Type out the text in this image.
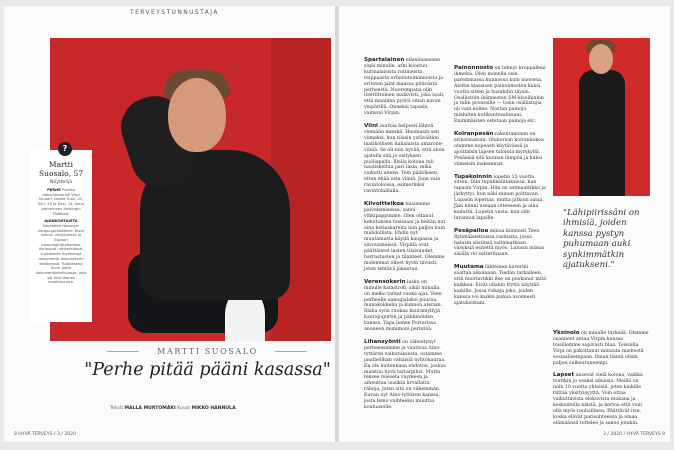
TERVEYSTUNNUSTAJA
Martti Suosalo, 57
Näyttelijä
PERHE Puoliso dokumentaristi Virpi Suutari, lapset Tuuli, 21, Siiri, 20 ja Kirsi, 14, Asuu perheineen Helsingin Töölössä.
AJANKOHTAISTA Näyttelee Helsingin kaupunginteatterin Rivid totuus -esityksessä ja Espoon kaupunginteatterissa Vorlaupid -näytelmässä. Luotaimies myöhempi dokumentti Aleksanterin teatterissa. Tuotoksena Alvar Aalto dokumenttielokuvasta, joka sai ensi-iltansa maaliskuussa.
?
MARTTI SUOSALO
"Perhe pitää pääni kasassa"
Teksti MALLA MURTOMÄKI Kuvat MIKKO HANNULA
8 HYVÄ TERVEYS / 3 / 2020	3 / 2020 / HYVÄ TERVEYS 9

Spartalainen elämänasenne sopii minulle. arki koostuu kurinalaisista rutiineista, reippaasta urheilutoiminnoista ja eritoten jalat maassa pitävästä perheestä. Nuorempana olin itseriittoinen mulkvisti, joka luuli, että maailma pyörii oman navan ympärillä. Onneksi tapasin vaimoni Virpin.

Viini saattaa helposti lähteä viemään mieskä. Huomasin sen viimeksi, kun tilasin ystävältäni laatikollisen italialaista amarone-viiniä. Se oli niin hyvää, että aloin ajatella sitä jo esityksen puoliapalla. Illalla kotona tuli nautiskeltua pari lasia, mikä vaikutti uneen. Tem päätöksen, etten enää osta viiniä. Juon vain ravintoloissa, esimerkiksi ravintolaillalla.

Kilvoittelkoa toisiemme palvelemisessa, sanoi vihkipappimme. Olen ottanut kehotuksen tosissani ja heitän nut aina kotiaskareita niin paljon kuin mahdollista. Ehdin nyt muutamasta käydä kaupassa ja siivousmeissä. Virpillä ovat päättäneet lasten tilaisuudet, harrastusten ja tilanteet. Olemme molemmat olleet hyvin tiiviisti, joten tehtävä jakautuu.

Verensokerin lasku on minulle katastrofi, sikäi minulla on melko tarkat ruoka-ajat. Teen perheelle aamupalaksi puuroa, munakokkelia ja kunnon aterian. Illalla syön ruokaa kauramyllyjä kaurajogurtin ja pähkinöiden kanssa. Tapa lienee Portarissa anoneen mummoni perintöä.

Lihansyönti on vähentynyt perheessämme ja vaativaa Aino-tyttären vaikutuksesta, ostamme jaudbelihan vähäisiä nyhtökauraa. En ole kuitenkaan ehdoton, joskus maistuu hyvä tartarpihvi. Muttu teksee mieseta vaymeen ja aiheuttaa uusikin krvallatta rähoja, joten sitä on vähemmän. Kuvan nyt Aino-tyttären kanssa, josta lemo vaihteeksi muuttui kouluasolle.

Painonnosto on tehnyt kroppalleni ihmeitä. Olen monella osin paremmassa kunnossa kuin nuorena. Aloitin klassisen painonnoston kaksi vuotta sitten ja huzahdin täysin. Osallistuin ikämiesten SM-kisoihinkin ja tulin pronssille — tosin osallistujia oli vain kolme. Nostan painoja mieluiten kotikuntosalissani. Enimmäisten ostetaan painoja etc.

Koiranpesän rakentaminen on erikoistaitoni. Olukorsan koirankokoa otamme nopeasti käytävässä ja ajoittaisin lapsen taloissa myrskyllä. Pesäesiä sitä kunnan lämpöä ja kaksi viimeisin laskemmat.

Tupakoinnin lopetin 15 vuotta sitten. Olin tupakkaliitoksissa, kun tapasin Virpin. Hän on astmaattikko ja järkyttyi, kun näki minun polttavan. Lupasin lopettaa, mutta jatkoin salaa. Jäin kiinni useaan otteeseen ja aina kaduttii. Lopetin vasta, kun olin luvannut lapsille.

Pesäpalloa minua kiinnosti Teen Ryhmälaiettoissa rasitusta, jossa halusin siistinsä valtamatkaan väsyksiä esitettä myös. Lulusin minua sisällä rei sutteritnaan.

Muutama lähteinen kaverini saattaa aikoinaan. Tiedän tarkalleen, että nuortariikki itse on puskanut mitä kaikkea. Eivät ollakin fryttä näyttää kaikille. Jossa riskeja joko, joiden kanssa voi kaikin puhua avoimesti ajatuksistani.

"Lähipiirissäni on ihmisiä, joiden kanssa pystyn puhumaan auki synkimmätkin ajatukseni."

Yksinolo on minulle tärkeää. Olemme osanneet antaa Virpin kanssa toisillemme sopivasti tilaa. Toissalla Virpi on pakottanut minuuta miehestä sosiaalisempaan. Ilman häntä olisin paljon sulkeutuneempi.

Lapset ansevat vielä kotona, vaikka tvattkin jo osaksi aikuisia. Meillä on noin 10 vuotta yhteisiä, joten kaikille riittää yksityisyyttä. Voin ottaa vaikuttavista elokuvista mukana ja keskustella näistä, ja kertoa että voin olla myös rauhallinen. Päättävät itse, koska elävät parisuhteessa ja omaa elämäänsä tottelee ja sanoo jotakin.
